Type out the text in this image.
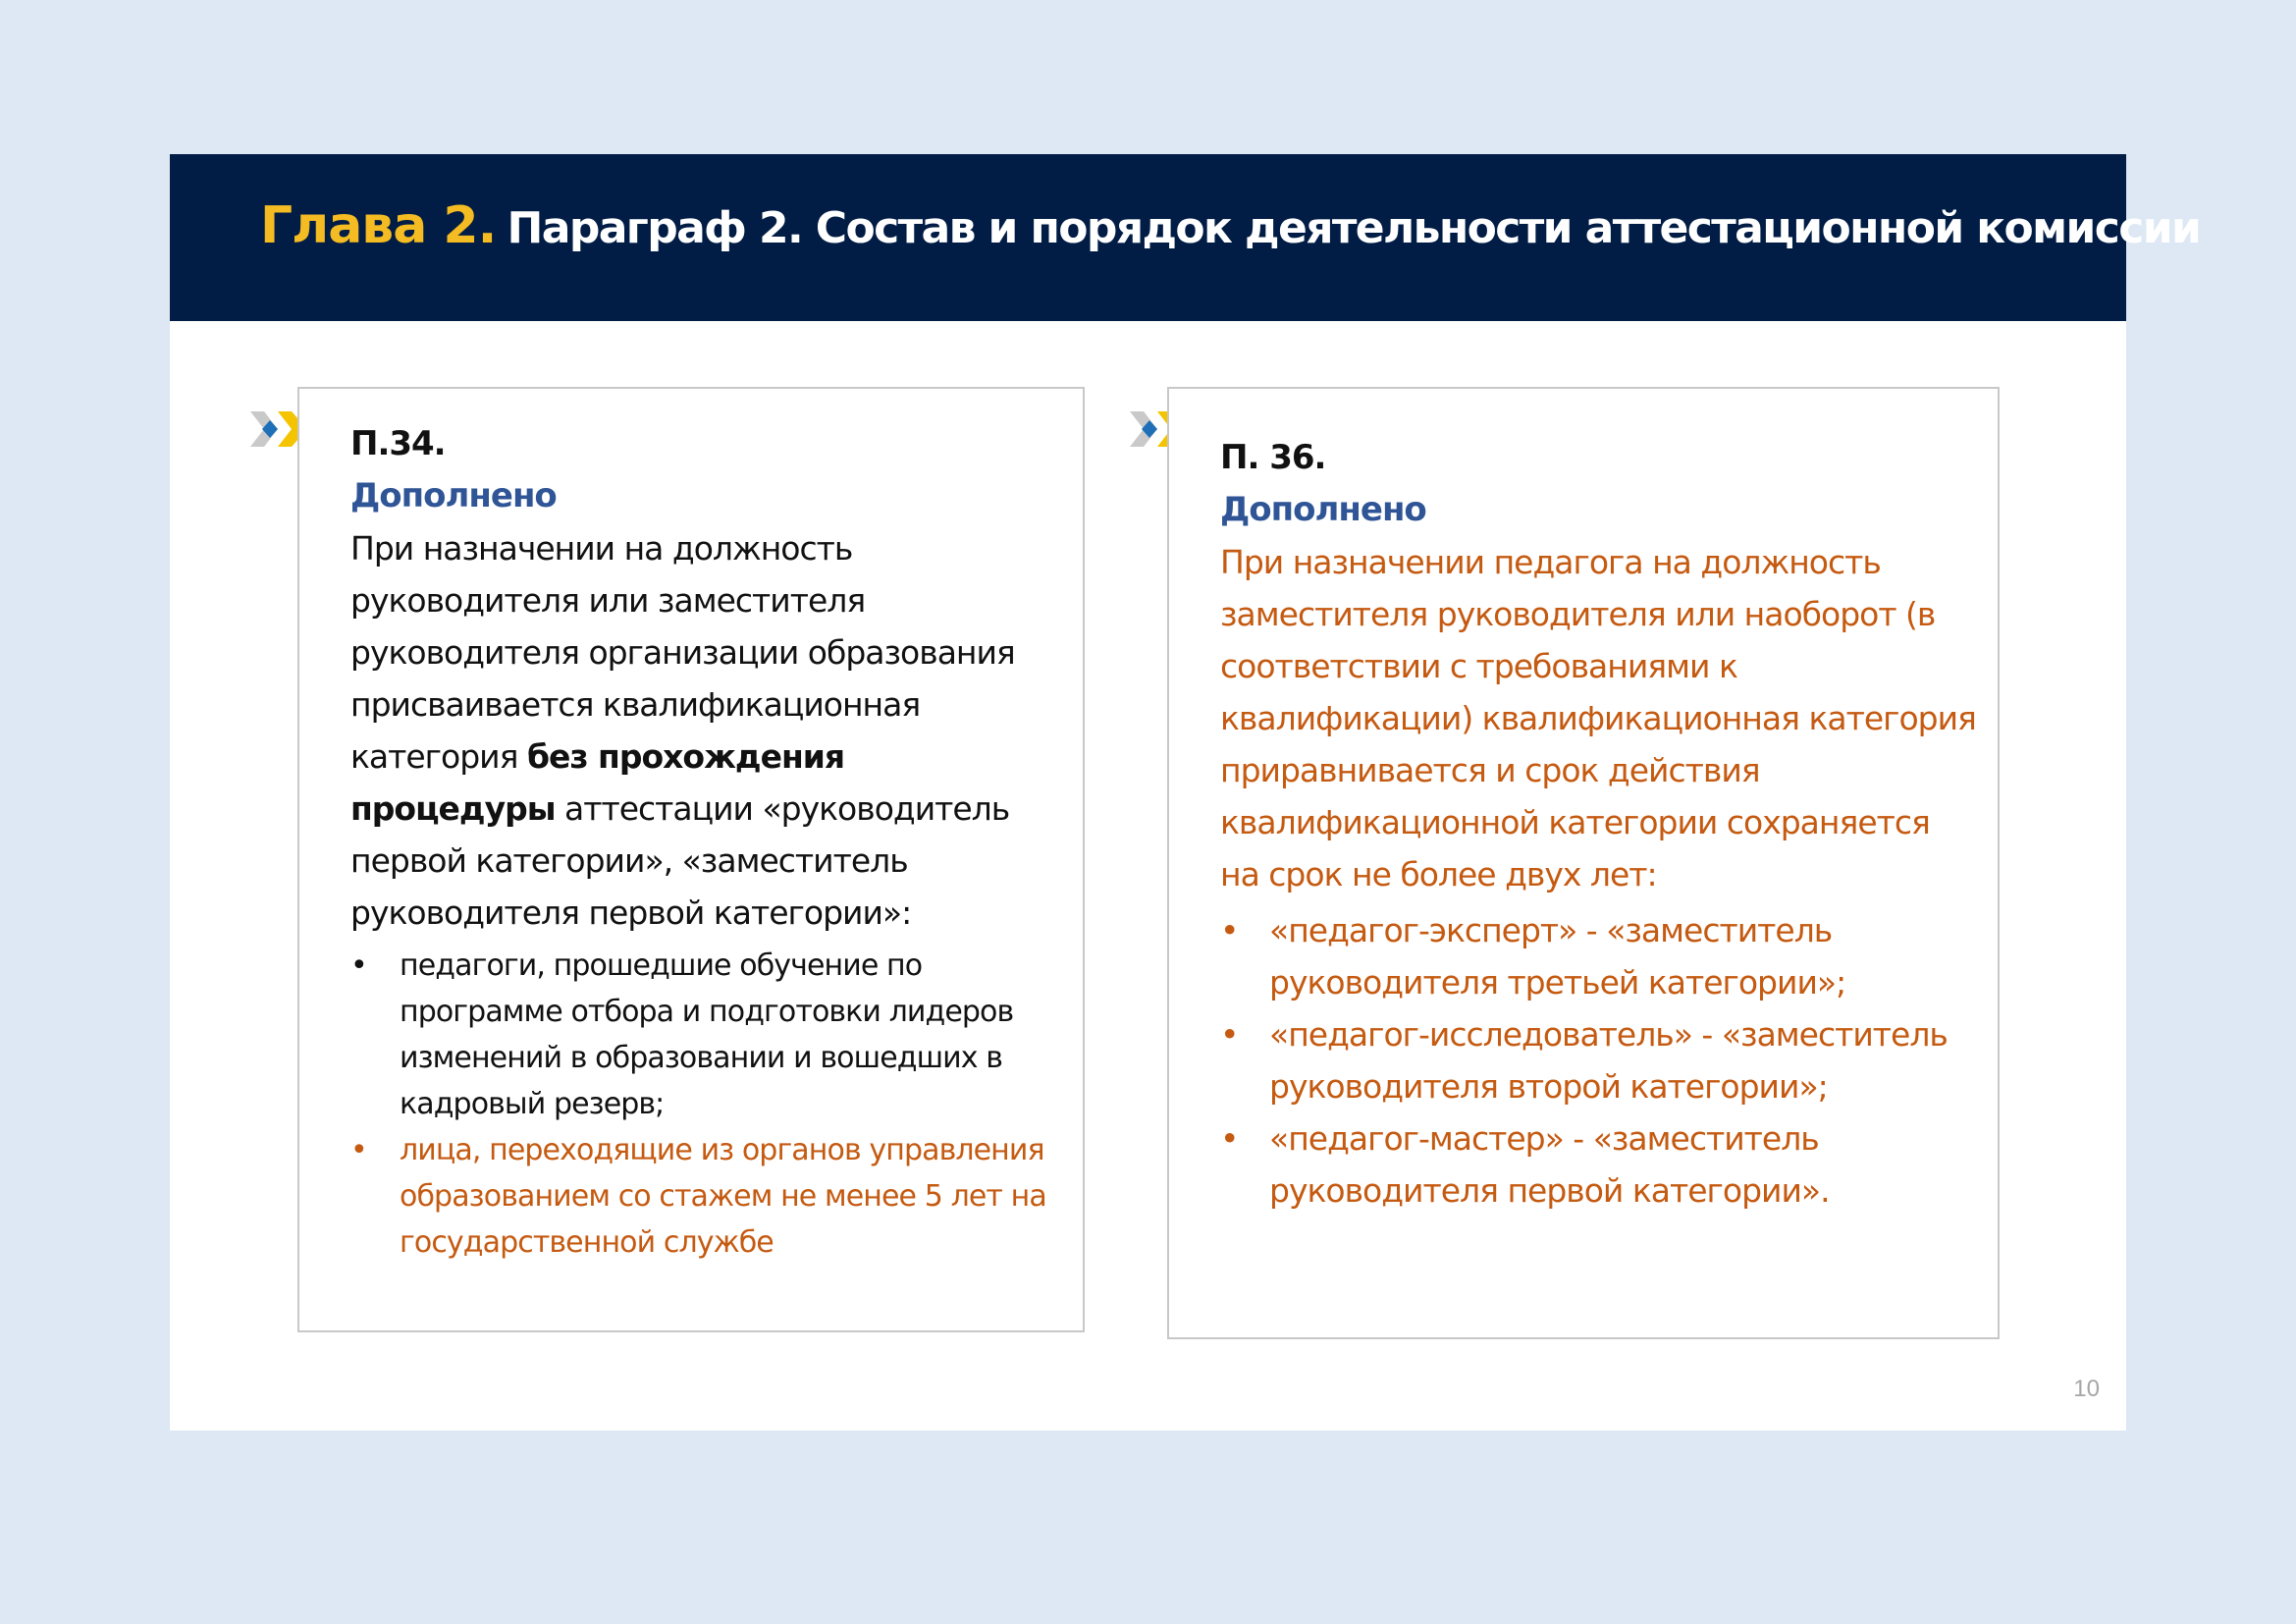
Глава 2. Параграф 2. Состав и порядок деятельности аттестационной комиссии
П.34.
Дополнено

При назначении на должность руководителя или заместителя руководителя организации образования присваивается квалификационная категория без прохождения процедуры аттестации «руководитель первой категории», «заместитель руководителя первой категории»:

• педагоги, прошедшие обучение по программе отбора и подготовки лидеров изменений в образовании и вошедших в кадровый резерв;
• лица, переходящие из органов управления образованием со стажем не менее 5 лет на государственной службе
П. 36.
Дополнено

При назначении педагога на должность заместителя руководителя или наоборот (в соответствии с требованиями к квалификации) квалификационная категория приравнивается и срок действия квалификационной категории сохраняется на срок не более двух лет:

• «педагог-эксперт» - «заместитель руководителя третьей категории»;
• «педагог-исследователь» - «заместитель руководителя второй категории»;
• «педагог-мастер» - «заместитель руководителя первой категории».
10
